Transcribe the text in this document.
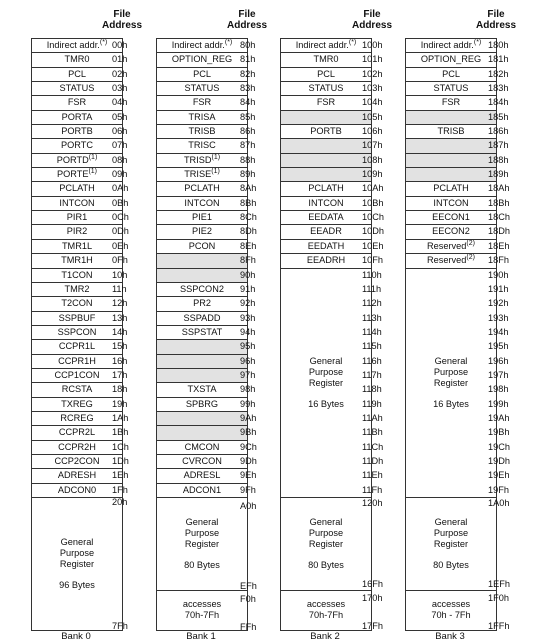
File
Address
Indirect addr.(*)
TMR0
PCL
STATUS
FSR
PORTA
PORTB
PORTC
PORTD$^{(1)}$
PORTE$^{(1)}$
PCLATH
INTCON
PIR1
PIR2
TMR1L
TMR1H
T1CON
TMR2
T2CON
SSPBUF
SSPCON
CCPR1L
CCPR1H
CCP1CON
RCSTA
TXREG
RCREG
CCPR2L
CCPR2H
CCP2CON
ADRESH
ADCON0
General
Purpose
Register
96 Bytes
00h
01h
02h
03h
04h
05h
06h
07h
08h
09h
0Ah
0Bh
0Ch
0Dh
0Eh
0Fh
10h
11h
12h
13h
14h
15h
16h
17h
18h
19h
1Ah
1Bh
1Ch
1Dh
1Eh
1Fh
20h
7Fh
Bank 0
File
Address
Indirect addr.(*)
OPTION_REG
PCL
STATUS
FSR
TRISA
TRISB
TRISC
TRISD$^{(1)}$
TRISE$^{(1)}$
PCLATH
INTCON
PIE1
PIE2
PCON
SSPCON2
PR2
SSPADD
SSPSTAT
TXSTA
SPBRG
CMCON
CVRCON
ADRESL
ADCON1
General
Purpose
Register
80 Bytes
accesses
70h-7Fh
80h
81h
82h
83h
84h
85h
86h
87h
88h
89h
8Ah
8Bh
8Ch
8Dh
8Eh
8Fh
90h
91h
92h
93h
94h
95h
96h
97h
98h
99h
9Ah
9Bh
9Ch
9Dh
9Eh
9Fh
A0h
EFh
F0h
FFh
Bank 1
File
Address
Indirect addr.(*)
TMR0
PCL
STATUS
FSR
PORTB
PCLATH
INTCON
EEDATA
EEADR
EEDATH
EEADRH
General
Purpose
Register
16 Bytes
General
Purpose
Register
80 Bytes
accesses
70h-7Fh
100h
101h
102h
103h
104h
105h
106h
107h
108h
109h
10Ah
10Bh
10Ch
10Dh
10Eh
10Fh
110h
111h
112h
113h
114h
115h
116h
117h
118h
119h
11Ah
11Bh
11Ch
11Dh
11Eh
11Fh
120h
16Fh
170h
17Fh
Bank 2
File
Address
Indirect addr.(*)
OPTION_REG
PCL
STATUS
FSR
TRISB
PCLATH
INTCON
EECON1
EECON2
Reserved$^{(2)}$
Reserved$^{(2)}$
General
Purpose
Register
16 Bytes
General
Purpose
Register
80 Bytes
accesses
70h - 7Fh
180h
181h
182h
183h
184h
185h
186h
187h
188h
189h
18Ah
18Bh
18Ch
18Dh
18Eh
18Fh
190h
191h
192h
193h
194h
195h
196h
197h
198h
199h
19Ah
19Bh
19Ch
19Dh
19Eh
19Fh
1A0h
1EFh
1F0h
1FFh
Bank 3
